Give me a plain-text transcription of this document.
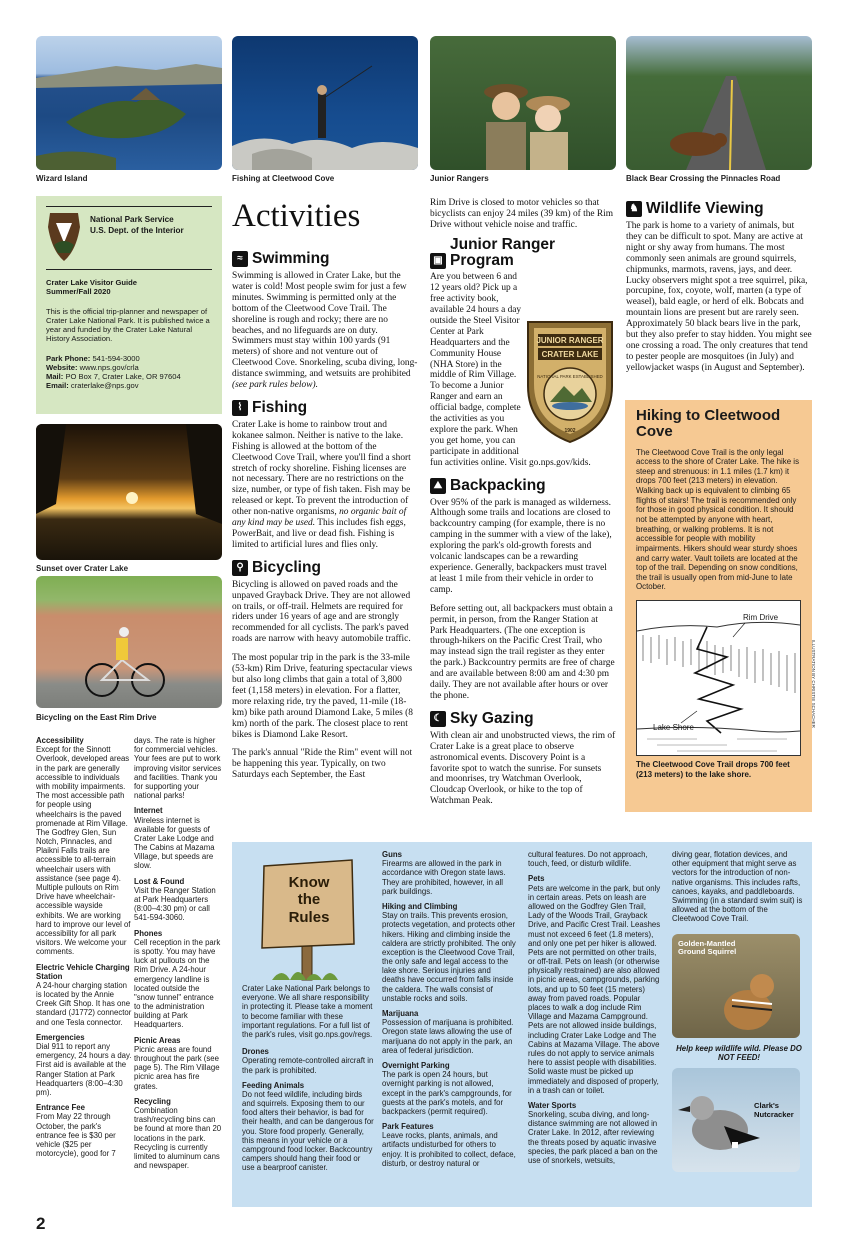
Wizard Island	Fishing at Cleetwood Cove	Junior Rangers	Black Bear Crossing the Pinnacles Road
National Park Service
U.S. Dept. of the Interior
Crater Lake Visitor Guide
Summer/Fall 2020
This is the official trip-planner and newspaper of Crater Lake National Park. It is published twice a year and funded by the Crater Lake Natural History Association.
Park Phone: 541-594-3000
Website: www.nps.gov/crla
Mail: PO Box 7, Crater Lake, OR 97604
Email: craterlake@nps.gov
Sunset over Crater Lake
Bicycling on the East Rim Drive
Accessibility
Except for the Sinnott Overlook, developed areas in the park are generally accessible to individuals with mobility impairments. The most accessible path for people using wheelchairs is the paved promenade at Rim Village. The Godfrey Glen, Sun Notch, Pinnacles, and Plaikni Falls trails are accessible to all-terrain wheelchair users with assistance (see page 4). Multiple pullouts on Rim Drive have wheelchair-accessible wayside exhibits. We are working hard to improve our level of accessibility for all park visitors. We welcome your comments.
Electric Vehicle Charging Station
A 24-hour charging station is located by the Annie Creek Gift Shop. It has one standard (J1772) connector and one Tesla connector.
Emergencies
Dial 911 to report any emergency, 24 hours a day. First aid is available at the Ranger Station at Park Headquarters (8:00–4:30 pm).
Entrance Fee
From May 22 through October, the park's entrance fee is $30 per vehicle ($25 per motorcycle), good for 7
days. The rate is higher for commercial vehicles. Your fees are put to work improving visitor services and facilities. Thank you for supporting your national parks!
Internet
Wireless internet is available for guests of Crater Lake Lodge and The Cabins at Mazama Village, but speeds are slow.
Lost & Found
Visit the Ranger Station at Park Headquarters (8:00–4:30 pm) or call 541-594-3060.
Phones
Cell reception in the park is spotty. You may have luck at pullouts on the Rim Drive. A 24-hour emergency landline is located outside the "snow tunnel" entrance to the administration building at Park Headquarters.
Picnic Areas
Picnic areas are found throughout the park (see page 5). The Rim Village picnic area has fire grates.
Recycling
Combination trash/recycling bins can be found at more than 20 locations in the park. Recycling is currently limited to aluminum cans and newspaper.
Activities
≈ Swimming

Swimming is allowed in Crater Lake, but the water is cold! Most people swim for just a few minutes. Swimming is permitted only at the bottom of the Cleetwood Cove Trail. The shoreline is rough and rocky; there are no beaches, and no lifeguards are on duty. Swimmers must stay within 100 yards (91 meters) of shore and not venture out of Cleetwood Cove. Snorkeling, scuba diving, long-distance swimming, and wetsuits are prohibited (see park rules below).

⌇ Fishing

Crater Lake is home to rainbow trout and kokanee salmon. Neither is native to the lake. Fishing is allowed at the bottom of the Cleetwood Cove Trail, where you'll find a short stretch of rocky shoreline. Fishing licenses are not necessary. There are no restrictions on the size, number, or type of fish taken. Fish may be released or kept. To prevent the introduction of other non-native organisms, no organic bait of any kind may be used. This includes fish eggs, PowerBait, and live or dead fish. Fishing is limited to artificial lures and flies only.

⚲ Bicycling

Bicycling is allowed on paved roads and the unpaved Grayback Drive. They are not allowed on trails, or off-trail. Helmets are required for riders under 16 years of age and are strongly recommended for all cyclists. The park's paved roads are narrow with heavy automobile traffic.

The most popular trip in the park is the 33-mile (53-km) Rim Drive, featuring spectacular views but also long climbs that gain a total of 3,800 feet (1,158 meters) in elevation. For a flatter, more relaxing ride, try the paved, 11-mile (18-km) bike path around Diamond Lake, 5 miles (8 km) north of the park. The closest place to rent bikes is Diamond Lake Resort.

The park's annual "Ride the Rim" event will not be happening this year. Typically, on two Saturdays each September, the East

Rim Drive is closed to motor vehicles so that bicyclists can enjoy 24 miles (39 km) of the Rim Drive without vehicle noise and traffic.

▣
Junior Ranger Program
JUNIOR RANGER
CRATER LAKE
NATIONAL PARK ESTABLISHED
1902

Are you between 6 and 12 years old? Pick up a free activity book, available 24 hours a day outside the Steel Visitor Center at Park Headquarters and the Community House (NHA Store) in the middle of Rim Village. To become a Junior Ranger and earn an official badge, complete the activities as you explore the park. When you get home, you can participate in additional fun activities online. Visit go.nps.gov/kids.

⛰ Backpacking

Over 95% of the park is managed as wilderness. Although some trails and locations are closed to backcountry camping (for example, there is no camping in the summer with a view of the lake), exploring the park's old-growth forests and volcanic landscapes can be a rewarding experience. Generally, backpackers must travel at least 1 mile from their vehicle in order to camp.

Before setting out, all backpackers must obtain a permit, in person, from the Ranger Station at Park Headquarters. (The one exception is through-hikers on the Pacific Crest Trail, who may instead sign the trail register as they enter the park.) Backcountry permits are free of charge and are available between 8:00 am and 4:30 pm daily. They are not available after hours or over the phone.

☾ Sky Gazing

With clean air and unobstructed views, the rim of Crater Lake is a great place to observe astronomical events. Discovery Point is a favorite spot to watch the sunrise. For sunsets and moonrises, try Watchman Overlook, Cloudcap Overlook, or hike to the top of Watchman Peak.

♞ Wildlife Viewing

The park is home to a variety of animals, but they can be difficult to spot. Many are active at night or shy away from humans. The most commonly seen animals are ground squirrels, chipmunks, marmots, ravens, jays, and deer. Lucky observers might spot a tree squirrel, pika, porcupine, fox, coyote, wolf, marten (a type of weasel), bald eagle, or herd of elk. Bobcats and mountain lions are present but are rarely seen. Approximately 50 black bears live in the park, but they also prefer to stay hidden. You might see one crossing a road. The only creatures that tend to pester people are mosquitoes (in July) and yellowjacket wasps (in August and September).

Hiking to Cleetwood Cove
The Cleetwood Cove Trail is the only legal access to the shore of Crater Lake. The hike is steep and strenuous: in 1.1 miles (1.7 km) it drops 700 feet (213 meters) in elevation. Walking back up is equivalent to climbing 65 flights of stairs! The trail is recommended only for those in good physical condition. It should not be attempted by anyone with heart, breathing, or walking problems. It is not accessible for people with mobility impairments. Hikers should wear sturdy shoes and carry water. Vault toilets are located at the top of the trail. Depending on snow conditions, the trail is usually open from mid-June to late October.
Rim Drive
Lake Shore	ILLUSTRATION BY CHRISTIE SCHACHER
The Cleetwood Cove Trail drops 700 feet (213 meters) to the lake shore.
Know
the
Rules
Crater Lake National Park belongs to everyone. We all share responsibility in protecting it. Please take a moment to become familiar with these important regulations. For a full list of the park's rules, visit go.nps.gov/regs.
Drones
Operating remote-controlled aircraft in the park is prohibited.
Feeding Animals
Do not feed wildlife, including birds and squirrels. Exposing them to our food alters their behavior, is bad for their health, and can be dangerous for you. Store food properly. Generally, this means in your vehicle or a campground food locker. Backcountry campers should hang their food or use a bearproof canister.
Guns
Firearms are allowed in the park in accordance with Oregon state laws. They are prohibited, however, in all park buildings.
Hiking and Climbing
Stay on trails. This prevents erosion, protects vegetation, and protects other hikers. Hiking and climbing inside the caldera are strictly prohibited. The only exception is the Cleetwood Cove Trail, the only safe and legal access to the lake shore. Serious injuries and deaths have occurred from falls inside the caldera. The walls consist of unstable rocks and soils.
Marijuana
Possession of marijuana is prohibited. Oregon state laws allowing the use of marijuana do not apply in the park, an area of federal jurisdiction.
Overnight Parking
The park is open 24 hours, but overnight parking is not allowed, except in the park's campgrounds, for guests at the park's motels, and for backpackers (permit required).
Park Features
Leave rocks, plants, animals, and artifacts undisturbed for others to enjoy. It is prohibited to collect, deface, disturb, or destroy natural or
cultural features. Do not approach, touch, feed, or disturb wildlife.
Pets
Pets are welcome in the park, but only in certain areas. Pets on leash are allowed on the Godfrey Glen Trail, Lady of the Woods Trail, Grayback Drive, and Pacific Crest Trail. Leashes must not exceed 6 feet (1.8 meters), and only one pet per hiker is allowed. Pets are not permitted on other trails, or off-trail. Pets on leash (or otherwise physically restrained) are also allowed in picnic areas, campgrounds, parking lots, and up to 50 feet (15 meters) away from paved roads. Popular places to walk a dog include Rim Village and Mazama Campground. Pets are not allowed inside buildings, including Crater Lake Lodge and The Cabins at Mazama Village. The above rules do not apply to service animals here to assist people with disabilities. Solid waste must be picked up immediately and disposed of properly, in a trash can or toilet.
Water Sports
Snorkeling, scuba diving, and long-distance swimming are not allowed in Crater Lake. In 2012, after reviewing the threats posed by aquatic invasive species, the park placed a ban on the use of snorkels, wetsuits,
diving gear, flotation devices, and other equipment that might serve as vectors for the introduction of non-native organisms. This includes rafts, canoes, kayaks, and paddleboards. Swimming (in a standard swim suit) is allowed at the bottom of the Cleetwood Cove Trail.
Golden-Mantled Ground Squirrel
Help keep wildlife wild. Please DO NOT FEED!
Clark's Nutcracker
2
